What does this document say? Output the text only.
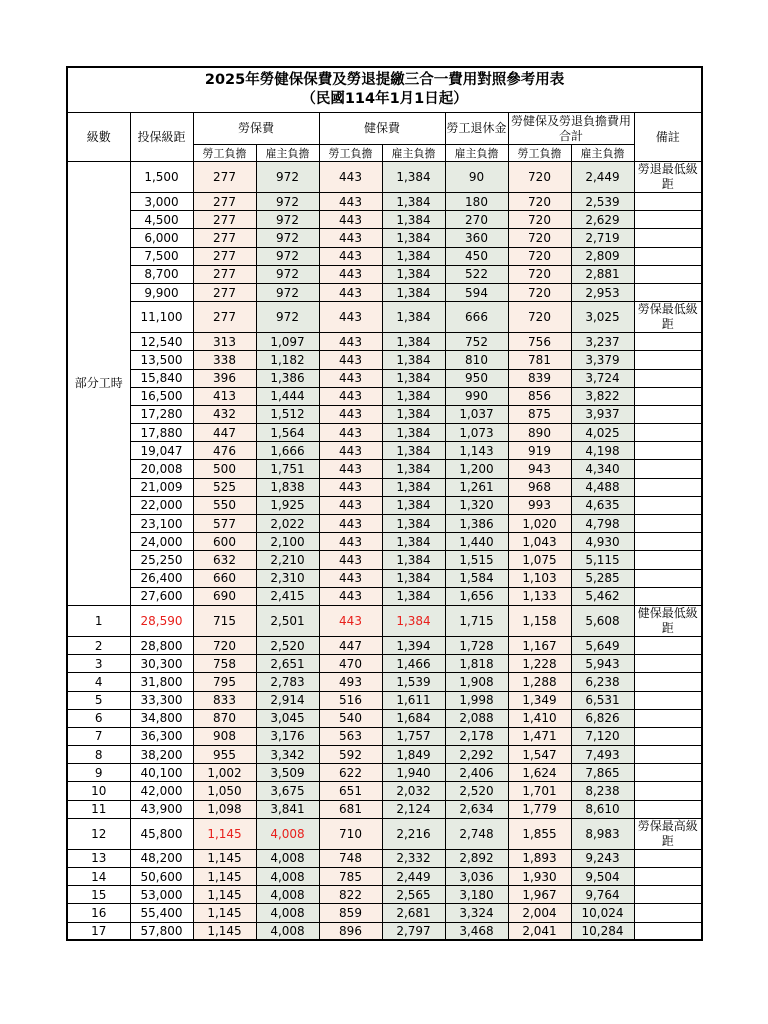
2025年勞健保保費及勞退提繳三合一費用對照參考用表
（民國114年1月1日起）									

級數	投保級距	勞保費		健保費		勞工退休金	勞健保及勞退負擔費用合計		備註
		勞工負擔	雇主負擔	勞工負擔	雇主負擔	雇主負擔	勞工負擔	雇主負擔	
部分工時	1,500	277	972	443	1,384	90	720	2,449	勞退最低級距
	3,000	277	972	443	1,384	180	720	2,539	
	4,500	277	972	443	1,384	270	720	2,629	
	6,000	277	972	443	1,384	360	720	2,719	
	7,500	277	972	443	1,384	450	720	2,809	
	8,700	277	972	443	1,384	522	720	2,881	
	9,900	277	972	443	1,384	594	720	2,953	
	11,100	277	972	443	1,384	666	720	3,025	勞保最低級距
	12,540	313	1,097	443	1,384	752	756	3,237	
	13,500	338	1,182	443	1,384	810	781	3,379	
	15,840	396	1,386	443	1,384	950	839	3,724	
	16,500	413	1,444	443	1,384	990	856	3,822	
	17,280	432	1,512	443	1,384	1,037	875	3,937	
	17,880	447	1,564	443	1,384	1,073	890	4,025	
	19,047	476	1,666	443	1,384	1,143	919	4,198	
	20,008	500	1,751	443	1,384	1,200	943	4,340	
	21,009	525	1,838	443	1,384	1,261	968	4,488	
	22,000	550	1,925	443	1,384	1,320	993	4,635	
	23,100	577	2,022	443	1,384	1,386	1,020	4,798	
	24,000	600	2,100	443	1,384	1,440	1,043	4,930	
	25,250	632	2,210	443	1,384	1,515	1,075	5,115	
	26,400	660	2,310	443	1,384	1,584	1,103	5,285	
	27,600	690	2,415	443	1,384	1,656	1,133	5,462	
1	28,590	715	2,501	443	1,384	1,715	1,158	5,608	健保最低級距
2	28,800	720	2,520	447	1,394	1,728	1,167	5,649	
3	30,300	758	2,651	470	1,466	1,818	1,228	5,943	
4	31,800	795	2,783	493	1,539	1,908	1,288	6,238	
5	33,300	833	2,914	516	1,611	1,998	1,349	6,531	
6	34,800	870	3,045	540	1,684	2,088	1,410	6,826	
7	36,300	908	3,176	563	1,757	2,178	1,471	7,120	
8	38,200	955	3,342	592	1,849	2,292	1,547	7,493	
9	40,100	1,002	3,509	622	1,940	2,406	1,624	7,865	
10	42,000	1,050	3,675	651	2,032	2,520	1,701	8,238	
11	43,900	1,098	3,841	681	2,124	2,634	1,779	8,610	
12	45,800	1,145	4,008	710	2,216	2,748	1,855	8,983	勞保最高級距
13	48,200	1,145	4,008	748	2,332	2,892	1,893	9,243	
14	50,600	1,145	4,008	785	2,449	3,036	1,930	9,504	
15	53,000	1,145	4,008	822	2,565	3,180	1,967	9,764	
16	55,400	1,145	4,008	859	2,681	3,324	2,004	10,024	
17	57,800	1,145	4,008	896	2,797	3,468	2,041	10,284	
